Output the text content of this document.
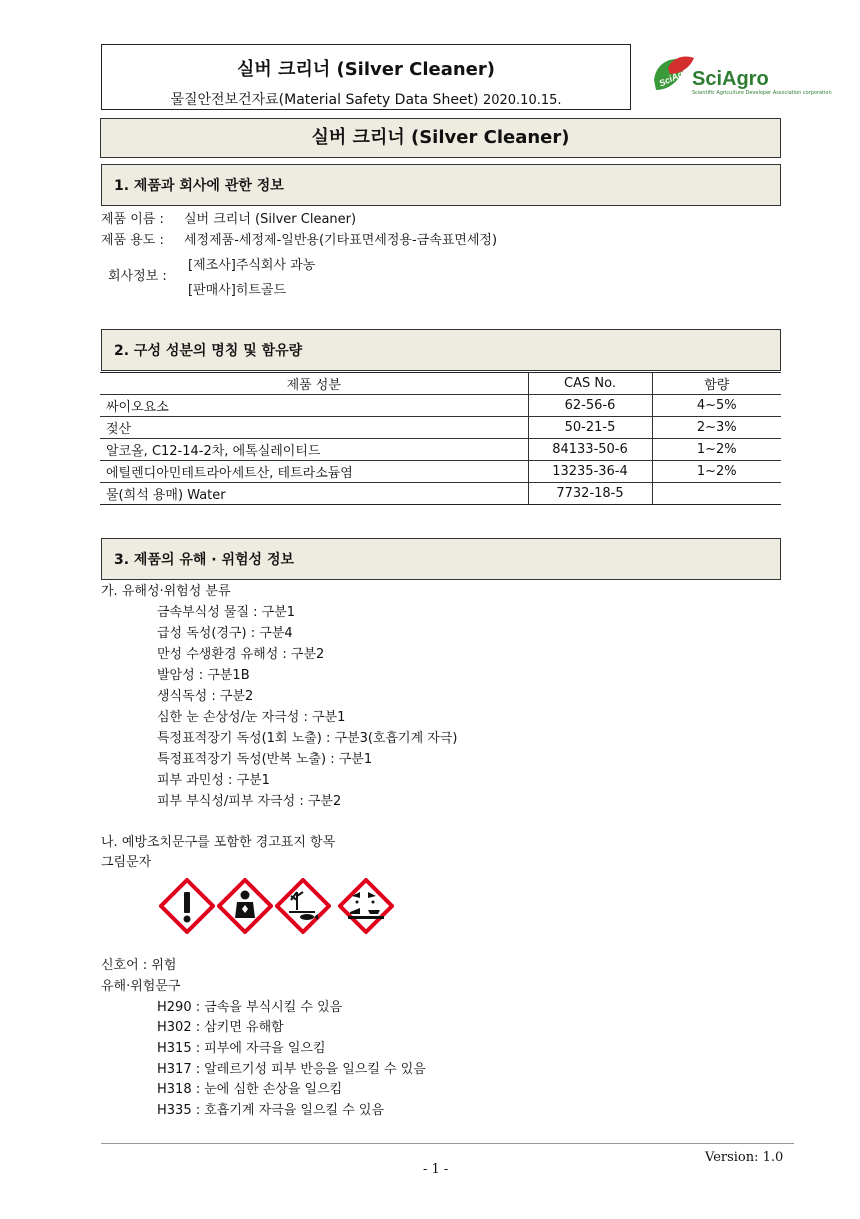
실버 크리너 (Silver Cleaner)
물질안전보건자료(Material Safety Data Sheet) 2020.10.15.
SciAgro SciAgro
Scientific Agriculture Developer Association corporation
실버 크리너 (Silver Cleaner)
1. 제품과 회사에 관한 정보
제품 이름 : 실버 크리너 (Silver Cleaner)
제품 용도 : 세정제품-세정제-일반용(기타표면세정용-금속표면세정)
회사정보 :
[제조사]주식회사 과농
[판매사]히트골드
2. 구성 성분의 명칭 및 함유량
제품 성분	CAS No.	함량
싸이오요소	62-56-6	4~5%
젖산	50-21-5	2~3%
알코올, C12-14-2차, 에톡실레이티드	84133-50-6	1~2%
에틸렌디아민테트라아세트산, 테트라소듐염	13235-36-4	1~2%
물(희석 용매) Water	7732-18-5	
3. 제품의 유해 · 위험성 정보
가. 유해성·위험성 분류
금속부식성 물질 : 구분1
급성 독성(경구) : 구분4
만성 수생환경 유해성 : 구분2
발암성 : 구분1B
생식독성 : 구분2
심한 눈 손상성/눈 자극성 : 구분1
특정표적장기 독성(1회 노출) : 구분3(호흡기계 자극)
특정표적장기 독성(반복 노출) : 구분1
피부 과민성 : 구분1
피부 부식성/피부 자극성 : 구분2
나. 예방조치문구를 포함한 경고표지 항목
그림문자
신호어 : 위험
유해·위험문구
H290 : 금속을 부식시킬 수 있음
H302 : 삼키면 유해함
H315 : 피부에 자극을 일으킴
H317 : 알레르기성 피부 반응을 일으킬 수 있음
H318 : 눈에 심한 손상을 일으킴
H335 : 호흡기계 자극을 일으킬 수 있음
Version: 1.0
- 1 -
